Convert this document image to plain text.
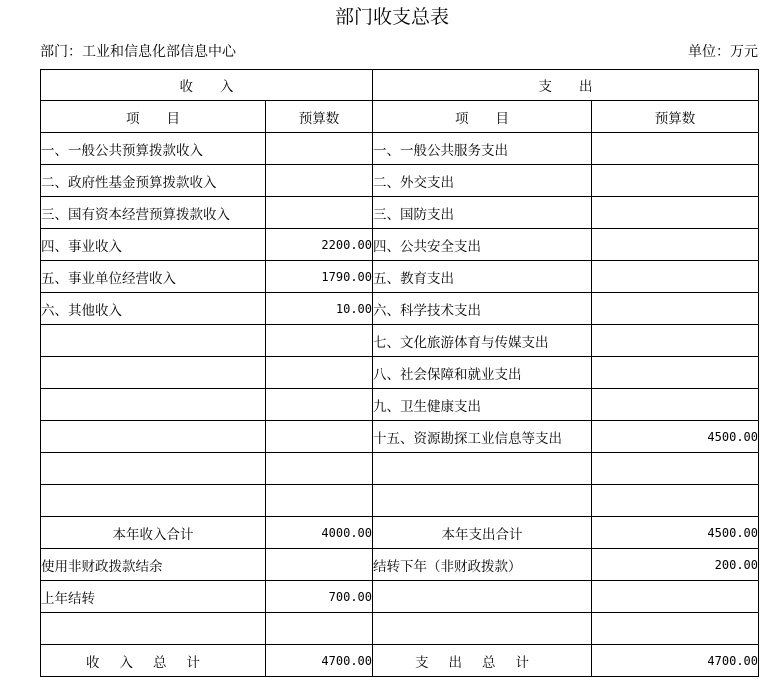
部门收支总表
部门：工业和信息化部信息中心	单位：万元
收　　入		支　　出	
项　　目	预算数	项　　目	预算数
一、一般公共预算拨款收入		一、一般公共服务支出	
二、政府性基金预算拨款收入		二、外交支出	
三、国有资本经营预算拨款收入		三、国防支出	
四、事业收入	2200.00	四、公共安全支出	
五、事业单位经营收入	1790.00	五、教育支出	
六、其他收入	10.00	六、科学技术支出	
		七、文化旅游体育与传媒支出	
		八、社会保障和就业支出	
		九、卫生健康支出	
		十五、资源勘探工业信息等支出	4500.00

本年收入合计	4000.00	本年支出合计	4500.00
使用非财政拨款结余		结转下年（非财政拨款）	200.00
上年结转	700.00		

收入总计	4700.00	支出总计	4700.00
